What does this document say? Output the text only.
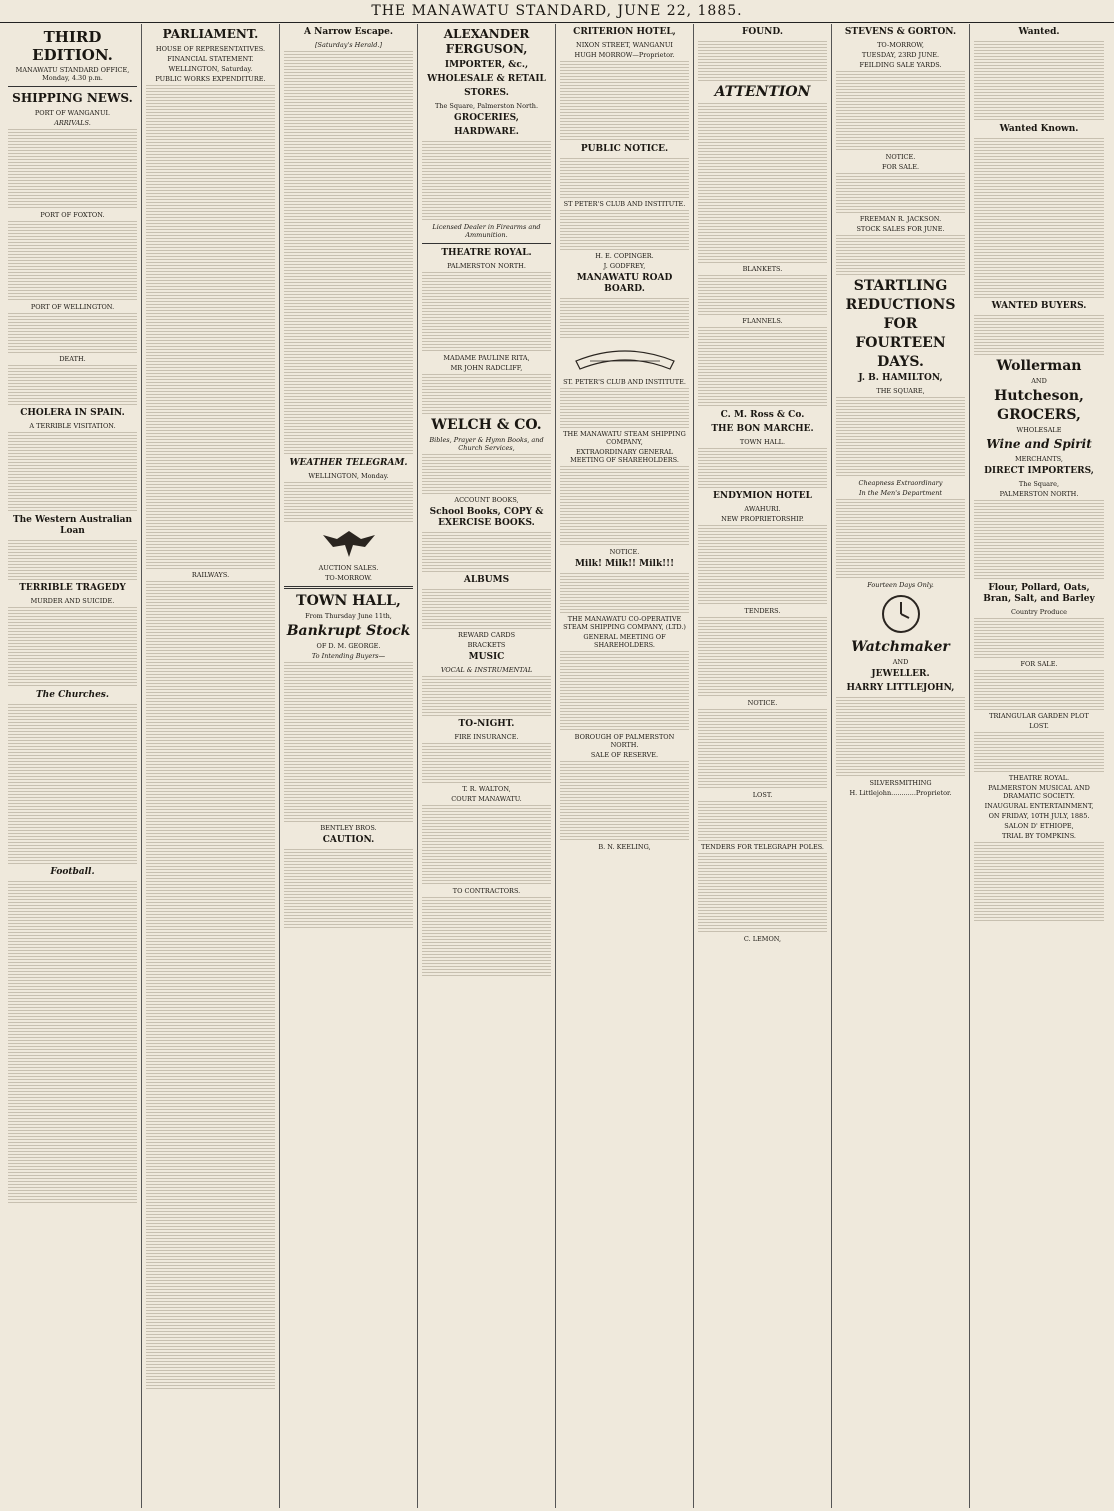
THE MANAWATU STANDARD, JUNE 22, 1885.
THIRD EDITION.

MANAWATU STANDARD OFFICE, Monday, 4.30 p.m.

SHIPPING NEWS.

PORT OF WANGANUI.

ARRIVALS.

PORT OF FOXTON.

PORT OF WELLINGTON.

DEATH.

CHOLERA IN SPAIN.

A TERRIBLE VISITATION.

The Western Australian Loan
TERRIBLE TRAGEDY

MURDER AND SUICIDE.

The Churches.
Football.
PARLIAMENT.

HOUSE OF REPRESENTATIVES.

FINANCIAL STATEMENT.

WELLINGTON, Saturday.

PUBLIC WORKS EXPENDITURE.

RAILWAYS.

A Narrow Escape.

[Saturday's Herald.]

WEATHER TELEGRAM.

WELLINGTON, Monday.

AUCTION SALES.

TO-MORROW.

TOWN HALL,

From Thursday June 11th,

Bankrupt Stock

OF D. M. GEORGE.

To Intending Buyers—

BENTLEY BROS.

CAUTION.
ALEXANDER FERGUSON,
IMPORTER, &c.,
WHOLESALE & RETAIL
STORES.

The Square, Palmerston North.

GROCERIES,
HARDWARE.

Licensed Dealer in Firearms and Ammunition.

THEATRE ROYAL.

PALMERSTON NORTH.

MADAME PAULINE RITA,

MR JOHN RADCLIFF,

WELCH & CO.

Bibles, Prayer & Hymn Books, and Church Services,

ACCOUNT BOOKS,

School Books, COPY & EXERCISE BOOKS.
ALBUMS

REWARD CARDS

BRACKETS

MUSIC

VOCAL & INSTRUMENTAL

TO-NIGHT.

FIRE INSURANCE.

T. R. WALTON,

COURT MANAWATU.

TO CONTRACTORS.

CRITERION HOTEL,

NIXON STREET, WANGANUI

HUGH MORROW—Proprietor.

PUBLIC NOTICE.

ST PETER'S CLUB AND INSTITUTE.

H. E. COPINGER.

J. GODFREY,

MANAWATU ROAD BOARD.

ST. PETER'S CLUB AND INSTITUTE.

THE MANAWATU STEAM SHIPPING COMPANY,

EXTRAORDINARY GENERAL MEETING OF SHAREHOLDERS.

NOTICE.

Milk! Milk!! Milk!!!

THE MANAWATU CO-OPERATIVE STEAM SHIPPING COMPANY, (LTD.)

GENERAL MEETING OF SHAREHOLDERS.

BOROUGH OF PALMERSTON NORTH.

SALE OF RESERVE.

B. N. KEELING,

FOUND.
ATTENTION

BLANKETS.

FLANNELS.

C. M. Ross & Co.
THE BON MARCHE.

TOWN HALL.

ENDYMION HOTEL

AWAHURI.

NEW PROPRIETORSHIP.

TENDERS.

NOTICE.

LOST.

TENDERS FOR TELEGRAPH POLES.

C. LEMON,

STEVENS & GORTON.

TO-MORROW,

TUESDAY, 23RD JUNE.

FEILDING SALE YARDS.

NOTICE.

FOR SALE.

FREEMAN R. JACKSON.

STOCK SALES FOR JUNE.

STARTLING
REDUCTIONS
FOR
FOURTEEN
DAYS.
J. B. HAMILTON,

THE SQUARE,

Cheapness Extraordinary

In the Men's Department

Fourteen Days Only.

Watchmaker

AND

JEWELLER.
HARRY LITTLEJOHN,

SILVERSMITHING

H. Littlejohn............Proprietor.

Wanted.
Wanted Known.
WANTED BUYERS.
Wollerman

AND

Hutcheson,
GROCERS,

WHOLESALE

Wine and Spirit

MERCHANTS,

DIRECT IMPORTERS,

The Square,

PALMERSTON NORTH.

Flour, Pollard, Oats, Bran, Salt, and Barley

Country Produce

FOR SALE.

TRIANGULAR GARDEN PLOT

LOST.

THEATRE ROYAL.

PALMERSTON MUSICAL AND DRAMATIC SOCIETY.

INAUGURAL ENTERTAINMENT,

ON FRIDAY, 10TH JULY, 1885.

SALON D' ETHIOPE,

TRIAL BY TOMPKINS.
